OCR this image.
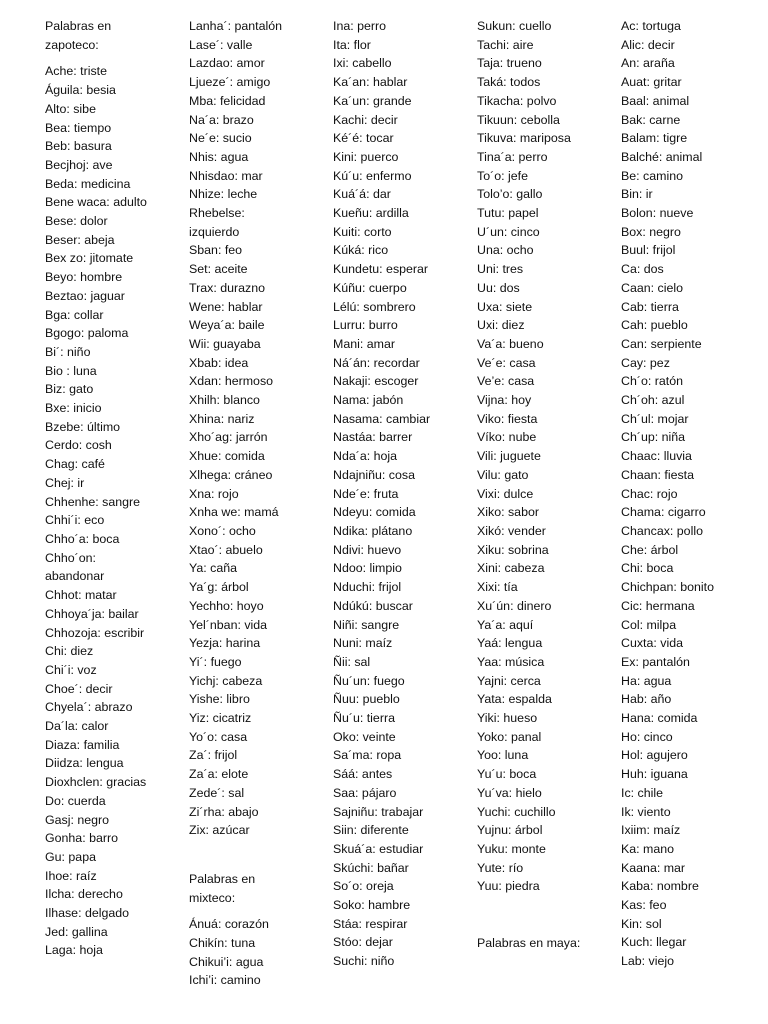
Palabras en
zapoteco:
Ache: triste
Águila: besia
Alto: sibe
Bea: tiempo
Beb: basura
Becjhoj: ave
Beda: medicina
Bene waca: adulto
Bese: dolor
Beser: abeja
Bex zo: jitomate
Beyo: hombre
Beztao: jaguar
Bga: collar
Bgogo: paloma
Bi´: niño
Bio : luna
Biz: gato
Bxe: inicio
Bzebe: último
Cerdo: cosh
Chag: café
Chej: ir
Chhenhe: sangre
Chhi´i: eco
Chho´a: boca
Chho´on:
abandonar
Chhot: matar
Chhoya´ja: bailar
Chhozoja: escribir
Chi: diez
Chi´i: voz
Choe´: decir
Chyela´: abrazo
Da´la: calor
Diaza: familia
Diidza: lengua
Dioxhclen: gracias
Do: cuerda
Gasj: negro
Gonha: barro
Gu: papa
Ihoe: raíz
Ilcha: derecho
Ilhase: delgado
Jed: gallina
Laga: hoja
Lanha´: pantalón
Lase´: valle
Lazdao: amor
Ljueze´: amigo
Mba: felicidad
Na´a: brazo
Ne´e: sucio
Nhis: agua
Nhisdao: mar
Nhize: leche
Rhebelse:
izquierdo
Sban: feo
Set: aceite
Trax: durazno
Wene: hablar
Weya´a: baile
Wii: guayaba
Xbab: idea
Xdan: hermoso
Xhilh: blanco
Xhina: nariz
Xho´ag: jarrón
Xhue: comida
Xlhega: cráneo
Xna: rojo
Xnha we: mamá
Xono´: ocho
Xtao´: abuelo
Ya: caña
Ya´g: árbol
Yechho: hoyo
Yel´nban: vida
Yezja: harina
Yi´: fuego
Yichj: cabeza
Yishe: libro
Yiz: cicatriz
Yo´o: casa
Za´: frijol
Za´a: elote
Zede´: sal
Zi´rha: abajo
Zix: azúcar
Palabras en
mixteco:
Ánuá: corazón
Chikín: tuna
Chikui’i: agua
Ichi’i: camino
Ina: perro
Ita: flor
Ixi: cabello
Ka´an: hablar
Ka´un: grande
Kachi: decir
Ké´é: tocar
Kini: puerco
Kú´u: enfermo
Kuá´á: dar
Kueñu: ardilla
Kuiti: corto
Kúká: rico
Kundetu: esperar
Kúñu: cuerpo
Lélú: sombrero
Lurru: burro
Mani: amar
Ná´án: recordar
Nakaji: escoger
Nama: jabón
Nasama: cambiar
Nastáa: barrer
Nda´a: hoja
Ndajniñu: cosa
Nde´e: fruta
Ndeyu: comida
Ndika: plátano
Ndivi: huevo
Ndoo: limpio
Nduchi: frijol
Ndúkú: buscar
Niñi: sangre
Nuni: maíz
Ñii: sal
Ñu´un: fuego
Ñuu: pueblo
Ñu´u: tierra
Oko: veinte
Sa´ma: ropa
Sáá: antes
Saa: pájaro
Sajniñu: trabajar
Siin: diferente
Skuá´a: estudiar
Skúchi: bañar
So´o: oreja
Soko: hambre
Stáa: respirar
Stóo: dejar
Suchi: niño
Sukun: cuello
Tachi: aire
Taja: trueno
Taká: todos
Tikacha: polvo
Tikuun: cebolla
Tikuva: mariposa
Tina´a: perro
To´o: jefe
Tolo’o: gallo
Tutu: papel
U´un: cinco
Una: ocho
Uni: tres
Uu: dos
Uxa: siete
Uxi: diez
Va´a: bueno
Ve´e: casa
Ve’e: casa
Vijna: hoy
Viko: fiesta
Víko: nube
Vili: juguete
Vilu: gato
Vixi: dulce
Xiko: sabor
Xikó: vender
Xiku: sobrina
Xini: cabeza
Xixi: tía
Xu´ún: dinero
Ya´a: aquí
Yaá: lengua
Yaa: música
Yajni: cerca
Yata: espalda
Yiki: hueso
Yoko: panal
Yoo: luna
Yu´u: boca
Yu´va: hielo
Yuchi: cuchillo
Yujnu: árbol
Yuku: monte
Yute: río
Yuu: piedra
Palabras en maya:
Ac: tortuga
Alic: decir
An: araña
Auat: gritar
Baal: animal
Bak: carne
Balam: tigre
Balché: animal
Be: camino
Bin: ir
Bolon: nueve
Box: negro
Buul: frijol
Ca: dos
Caan: cielo
Cab: tierra
Cah: pueblo
Can: serpiente
Cay: pez
Ch´o: ratón
Ch´oh: azul
Ch´ul: mojar
Ch´up: niña
Chaac: lluvia
Chaan: fiesta
Chac: rojo
Chama: cigarro
Chancax: pollo
Che: árbol
Chi: boca
Chichpan: bonito
Cic: hermana
Col: milpa
Cuxta: vida
Ex: pantalón
Ha: agua
Hab: año
Hana: comida
Ho: cinco
Hol: agujero
Huh: iguana
Ic: chile
Ik: viento
Ixiim: maíz
Ka: mano
Kaana: mar
Kaba: nombre
Kas: feo
Kin: sol
Kuch: llegar
Lab: viejo
